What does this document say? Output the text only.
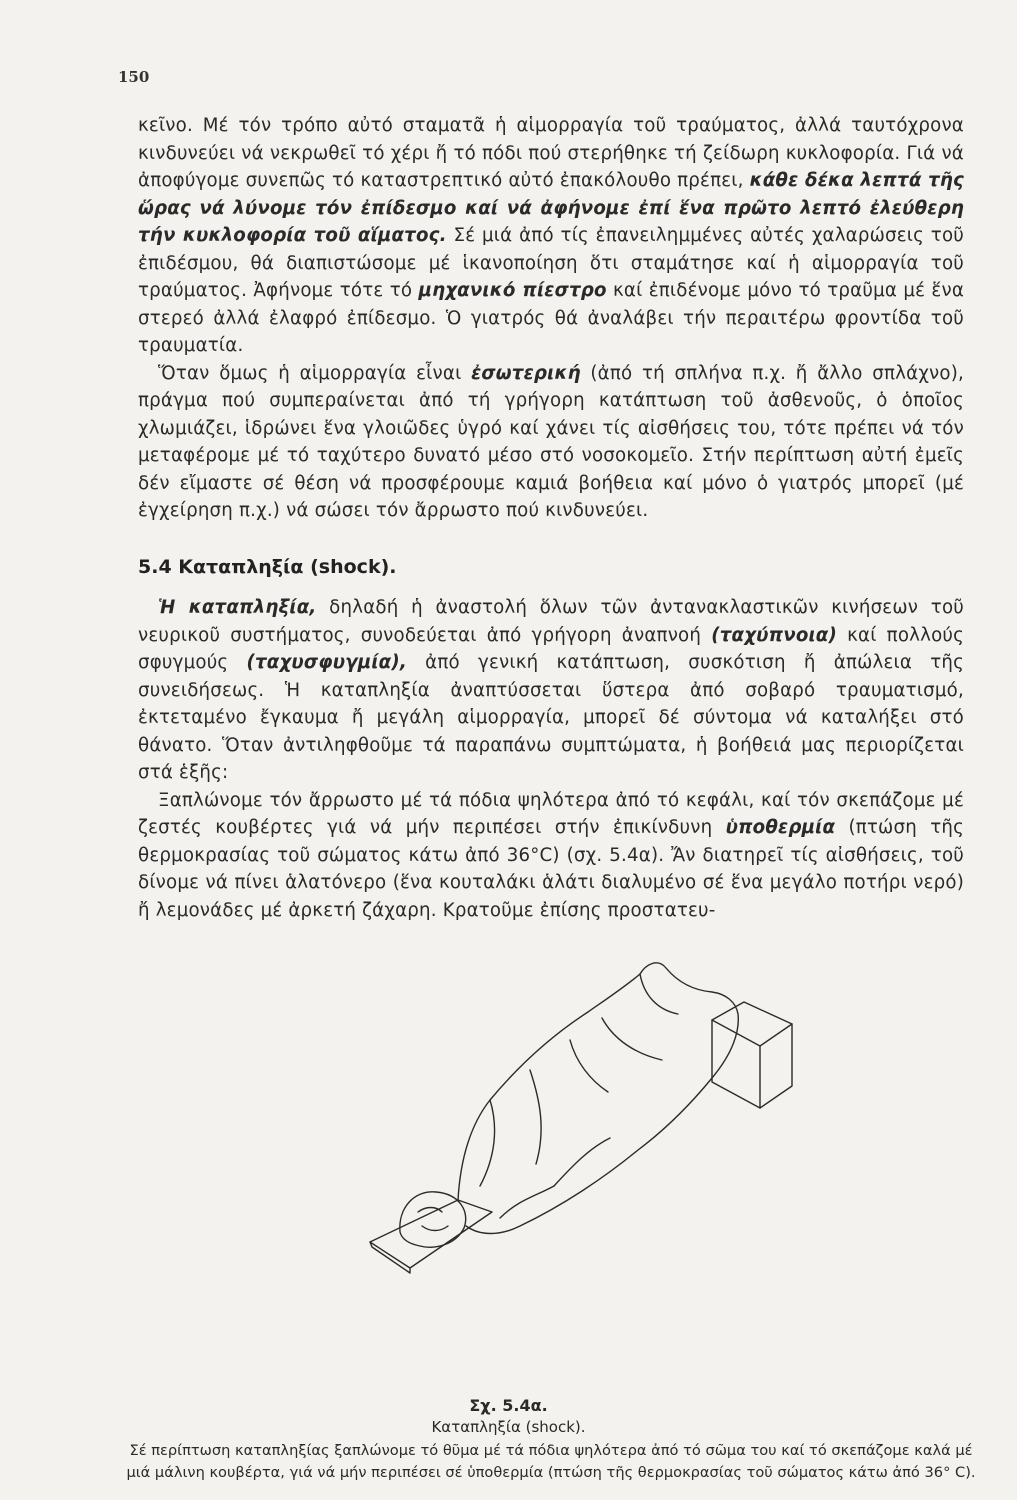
150

κεῖνο. Μέ τόν τρόπο αὐτό σταματᾶ ἡ αἱμορραγία τοῦ τραύματος, ἀλλά ταυτόχρονα κινδυνεύει νά νεκρωθεῖ τό χέρι ἤ τό πόδι πού στερήθηκε τή ζείδωρη κυκλοφορία. Γιά νά ἀποφύγομε συνεπῶς τό καταστρεπτικό αὐτό ἐπακόλουθο πρέπει, κάθε δέκα λεπτά τῆς ὥρας νά λύνομε τόν ἐπίδεσμο καί νά ἀφήνομε ἐπί ἕνα πρῶτο λεπτό ἐλεύθερη τήν κυκλοφορία τοῦ αἵματος. Σέ μιά ἀπό τίς ἐπανειλημμένες αὐτές χαλαρώσεις τοῦ ἐπιδέσμου, θά διαπιστώσομε μέ ἱκανοποίηση ὅτι σταμάτησε καί ἡ αἱμορραγία τοῦ τραύματος. Ἀφήνομε τότε τό μηχανικό πίεστρο καί ἐπιδένομε μόνο τό τραῦμα μέ ἕνα στερεό ἀλλά ἐλαφρό ἐπίδεσμο. Ὁ γιατρός θά ἀναλάβει τήν περαιτέρω φροντίδα τοῦ τραυματία.

Ὅταν ὅμως ἡ αἱμορραγία εἶναι ἐσωτερική (ἀπό τή σπλήνα π.χ. ἤ ἄλλο σπλάχνο), πράγμα πού συμπεραίνεται ἀπό τή γρήγορη κατάπτωση τοῦ ἀσθενοῦς, ὁ ὁποῖος χλωμιάζει, ἱδρώνει ἕνα γλοιῶδες ὑγρό καί χάνει τίς αἰσθήσεις του, τότε πρέπει νά τόν μεταφέρομε μέ τό ταχύτερο δυνατό μέσο στό νοσοκομεῖο. Στήν περίπτωση αὐτή ἐμεῖς δέν εἴμαστε σέ θέση νά προσφέρουμε καμιά βοήθεια καί μόνο ὁ γιατρός μπορεῖ (μέ ἐγχείρηση π.χ.) νά σώσει τόν ἄρρωστο πού κινδυνεύει.

5.4 Καταπληξία (shock).

Ἡ καταπληξία, δηλαδή ἡ ἀναστολή ὅλων τῶν ἀντανακλαστικῶν κινήσεων τοῦ νευρικοῦ συστήματος, συνοδεύεται ἀπό γρήγορη ἀναπνοή (ταχύπνοια) καί πολλούς σφυγμούς (ταχυσφυγμία), ἀπό γενική κατάπτωση, συσκότιση ἤ ἀπώλεια τῆς συνειδήσεως. Ἡ καταπληξία ἀναπτύσσεται ὕστερα ἀπό σοβαρό τραυματισμό, ἐκτεταμένο ἔγκαυμα ἤ μεγάλη αἱμορραγία, μπορεῖ δέ σύντομα νά καταλήξει στό θάνατο. Ὅταν ἀντιληφθοῦμε τά παραπάνω συμπτώματα, ἡ βοήθειά μας περιορίζεται στά ἑξῆς:

Ξαπλώνομε τόν ἄρρωστο μέ τά πόδια ψηλότερα ἀπό τό κεφάλι, καί τόν σκεπάζομε μέ ζεστές κουβέρτες γιά νά μήν περιπέσει στήν ἐπικίνδυνη ὑποθερμία (πτώση τῆς θερμοκρασίας τοῦ σώματος κάτω ἀπό 36°C) (σχ. 5.4α). Ἄν διατηρεῖ τίς αἰσθήσεις, τοῦ δίνομε νά πίνει ἁλατόνερο (ἕνα κουταλάκι ἁλάτι διαλυμένο σέ ἕνα μεγάλο ποτήρι νερό) ἤ λεμονάδες μέ ἀρκετή ζάχαρη. Κρατοῦμε ἐπίσης προστατευ-

Σχ. 5.4α.
Καταπληξία (shock).
Σέ περίπτωση καταπληξίας ξαπλώνομε τό θῦμα μέ τά πόδια ψηλότερα ἀπό τό σῶμα του καί τό σκεπάζομε καλά μέ μιά μάλινη κουβέρτα, γιά νά μήν περιπέσει σέ ὑποθερμία (πτώση τῆς θερμοκρασίας τοῦ σώματος κάτω ἀπό 36° C).
